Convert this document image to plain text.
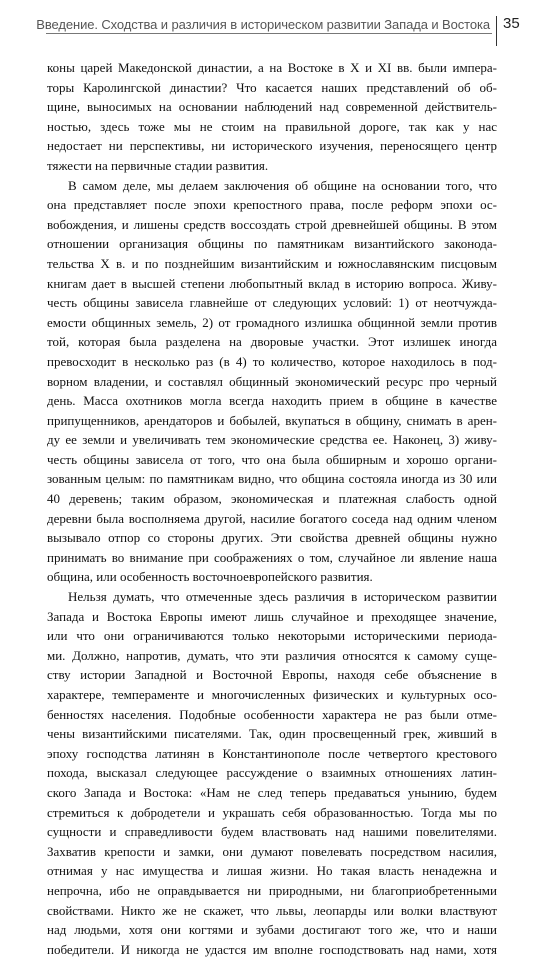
Введение. Сходства и различия в историческом развитии Запада и Востока 35
коны царей Македонской династии, а на Востоке в X и XI вв. были импера-
торы Каролингской династии? Что касается наших представлений об об-
щине, выносимых на основании наблюдений над современной действитель-
ностью, здесь тоже мы не стоим на правильной дороге, так как у нас
недостает ни перспективы, ни исторического изучения, переносящего центр
тяжести на первичные стадии развития.
В самом деле, мы делаем заключения об общине на основании того, что
она представляет после эпохи крепостного права, после реформ эпохи ос-
вобождения, и лишены средств воссоздать строй древнейшей общины. В этом
отношении организация общины по памятникам византийского законода-
тельства X в. и по позднейшим византийским и южнославянским писцовым
книгам дает в высшей степени любопытный вклад в историю вопроса. Живу-
честь общины зависела главнейше от следующих условий: 1) от неотчужда-
емости общинных земель, 2) от громадного излишка общинной земли против
той, которая была разделена на дворовые участки. Этот излишек иногда
превосходит в несколько раз (в 4) то количество, которое находилось в под-
ворном владении, и составлял общинный экономический ресурс про черный
день. Масса охотников могла всегда находить прием в общине в качестве
припущенников, арендаторов и бобылей, вкупаться в общину, снимать в арен-
ду ее земли и увеличивать тем экономические средства ее. Наконец, 3) живу-
честь общины зависела от того, что она была обширным и хорошо органи-
зованным целым: по памятникам видно, что община состояла иногда из 30 или
40 деревень; таким образом, экономическая и платежная слабость одной
деревни была восполняема другой, насилие богатого соседа над одним членом
вызывало отпор со стороны других. Эти свойства древней общины нужно
принимать во внимание при соображениях о том, случайное ли явление наша
община, или особенность восточноевропейского развития.
Нельзя думать, что отмеченные здесь различия в историческом развитии
Запада и Востока Европы имеют лишь случайное и преходящее значение,
или что они ограничиваются только некоторыми историческими периода-
ми. Должно, напротив, думать, что эти различия относятся к самому суще-
ству истории Западной и Восточной Европы, находя себе объяснение в
характере, темпераменте и многочисленных физических и культурных осо-
бенностях населения. Подобные особенности характера не раз были отме-
чены византийскими писателями. Так, один просвещенный грек, живший в
эпоху господства латинян в Константинополе после четвертого крестового
похода, высказал следующее рассуждение о взаимных отношениях латин-
ского Запада и Востока: «Нам не след теперь предаваться унынию, будем
стремиться к добродетели и украшать себя образованностью. Тогда мы по
сущности и справедливости будем властвовать над нашими повелителями.
Захватив крепости и замки, они думают повелевать посредством насилия,
отнимая у нас имущества и лишая жизни. Но такая власть ненадежна и
непрочна, ибо не оправдывается ни природными, ни благоприобретенными
свойствами. Никто же не скажет, что львы, леопарды или волки властвуют
над людьми, хотя они когтями и зубами достигают того же, что и наши
победители. И никогда не удастся им вполне господствовать над нами, хотя
